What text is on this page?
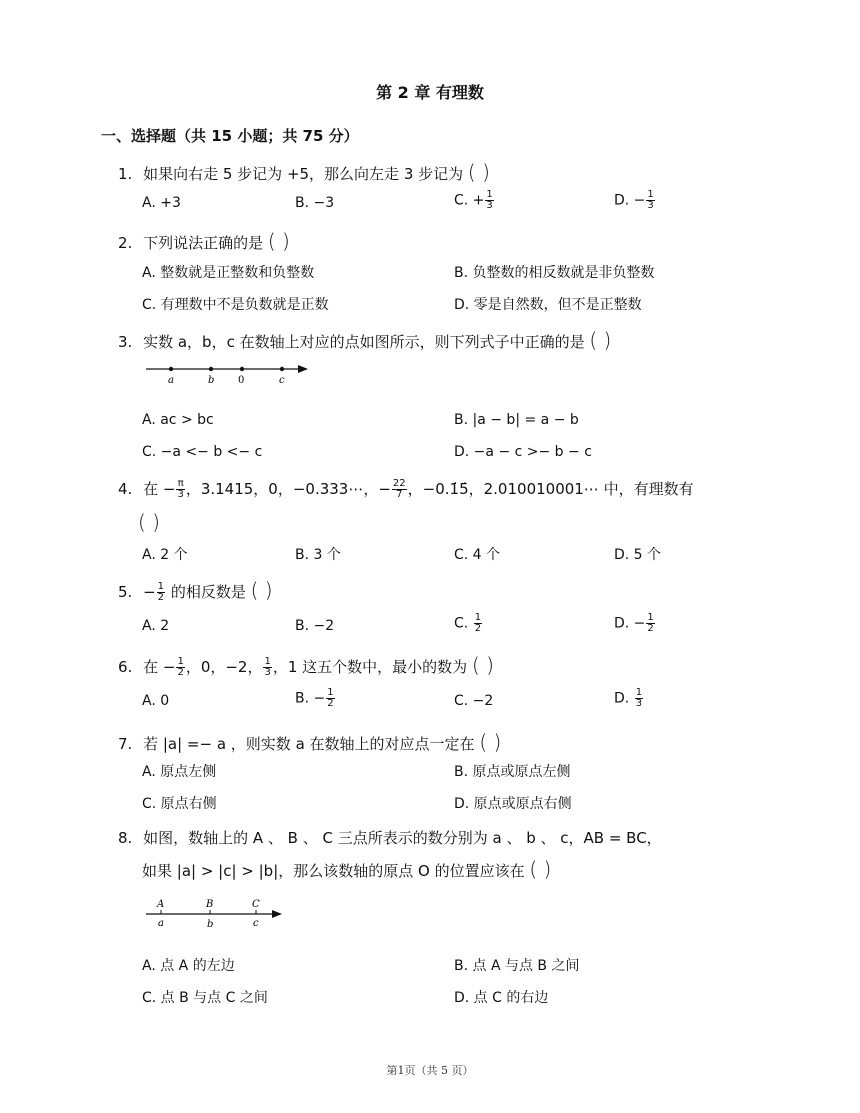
第 2 章 有理数
一、选择题（共 15 小题；共 75 分）
1. 如果向右走 5 步记为 +5，那么向左走 3 步记为 ( )
A. +3	B. −3	C. + $\frac{1}{3}$	D. − $\frac{1}{3}$
2. 下列说法正确的是 ( )
A. 整数就是正整数和负整数	B. 负整数的相反数就是非负整数
C. 有理数中不是负数就是正数	D. 零是自然数，但不是正整数
3. 实数 a，b，c 在数轴上对应的点如图所示，则下列式子中正确的是 ( )
a	b 0	c
A. ac > bc	B. |a − b| = a − b
C. −a <− b <− c	D. −a − c >− b − c
4. 在 − $\frac{\pi}{3}$ ，3.1415，0，−0.333⋯，− $\frac{22}{7}$ ，−0.1̇5̇，2.010010001⋯ 中，有理数有
( )
A. 2 个	B. 3 个	C. 4 个	D. 5 个
5. − $\frac{1}{2}$ 的相反数是 ( )
A. 2	B. −2	C. $\frac{1}{2}$	D. − $\frac{1}{2}$
6. 在 − $\frac{1}{2}$ ，0，−2， $\frac{1}{3}$ ，1 这五个数中，最小的数为 ( )
A. 0	B. − $\frac{1}{2}$	C. −2	D. $\frac{1}{3}$
7. 若 |a| =− a ，则实数 a 在数轴上的对应点一定在 ( )
A. 原点左侧	B. 原点或原点左侧
C. 原点右侧	D. 原点或原点右侧
8. 如图，数轴上的 A 、 B 、 C 三点所表示的数分别为 a 、 b 、 c，AB = BC，
如果 |a| > |c| > |b|，那么该数轴的原点 O 的位置应该在 ( )
A	B	C
a	b	c
A. 点 A 的左边	B. 点 A 与点 B 之间
C. 点 B 与点 C 之间	D. 点 C 的右边
第1页（共 5 页）
